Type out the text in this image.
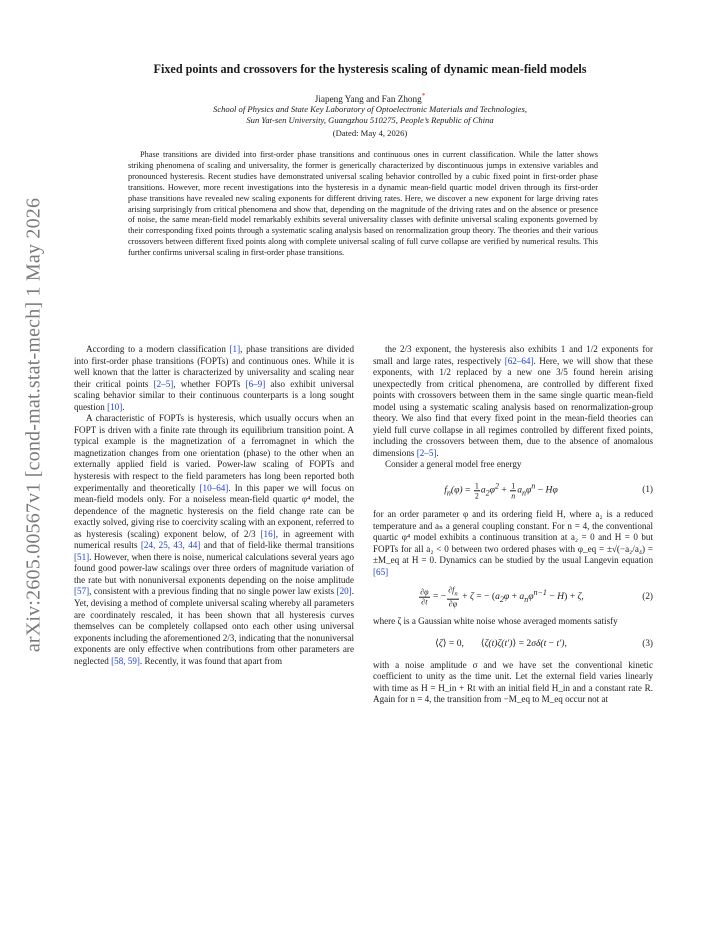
arXiv:2605.00567v1 [cond-mat.stat-mech] 1 May 2026
Fixed points and crossovers for the hysteresis scaling of dynamic mean-field models
Jiapeng Yang and Fan Zhong*
School of Physics and State Key Laboratory of Optoelectronic Materials and Technologies,
Sun Yat-sen University, Guangzhou 510275, People’s Republic of China
(Dated: May 4, 2026)
Phase transitions are divided into first-order phase transitions and continuous ones in current classification. While the latter shows striking phenomena of scaling and universality, the former is generically characterized by discontinuous jumps in extensive variables and pronounced hysteresis. Recent studies have demonstrated universal scaling behavior controlled by a cubic fixed point in first-order phase transitions. However, more recent investigations into the hysteresis in a dynamic mean-field quartic model driven through its first-order phase transitions have revealed new scaling exponents for different driving rates. Here, we discover a new exponent for large driving rates arising surprisingly from critical phenomena and show that, depending on the magnitude of the driving rates and on the absence or presence of noise, the same mean-field model remarkably exhibits several universality classes with definite universal scaling exponents governed by their corresponding fixed points through a systematic scaling analysis based on renormalization group theory. The theories and their various crossovers between different fixed points along with complete universal scaling of full curve collapse are verified by numerical results. This further confirms universal scaling in first-order phase transitions.

According to a modern classification [1], phase transitions are divided into first-order phase transitions (FOPTs) and continuous ones. While it is well known that the latter is characterized by universality and scaling near their critical points [2–5], whether FOPTs [6–9] also exhibit universal scaling behavior similar to their continuous counterparts is a long sought question [10].

A characteristic of FOPTs is hysteresis, which usually occurs when an FOPT is driven with a finite rate through its equilibrium transition point. A typical example is the magnetization of a ferromagnet in which the magnetization changes from one orientation (phase) to the other when an externally applied field is varied. Power-law scaling of FOPTs and hysteresis with respect to the field parameters has long been reported both experimentally and theoretically [10–64]. In this paper we will focus on mean-field models only. For a noiseless mean-field quartic φ⁴ model, the dependence of the magnetic hysteresis on the field change rate can be exactly solved, giving rise to coercivity scaling with an exponent, referred to as hysteresis (scaling) exponent below, of 2/3 [16], in agreement with numerical results [24, 25, 43, 44] and that of field-like thermal transitions [51]. However, when there is noise, numerical calculations several years ago found good power-law scalings over three orders of magnitude variation of the rate but with nonuniversal exponents depending on the noise amplitude [57], consistent with a previous finding that no single power law exists [20]. Yet, devising a method of complete universal scaling whereby all parameters are coordinately rescaled, it has been shown that all hysteresis curves themselves can be completely collapsed onto each other using universal exponents including the aforementioned 2/3, indicating that the nonuniversal exponents are only effective when contributions from other parameters are neglected [58, 59]. Recently, it was found that apart from

the 2/3 exponent, the hysteresis also exhibits 1 and 1/2 exponents for small and large rates, respectively [62–64]. Here, we will show that these exponents, with 1/2 replaced by a new one 3/5 found herein arising unexpectedly from critical phenomena, are controlled by different fixed points with crossovers between them in the same single quartic mean-field model using a systematic scaling analysis based on renormalization-group theory. We also find that every fixed point in the mean-field theories can yield full curve collapse in all regimes controlled by different fixed points, including the crossovers between them, due to the absence of anomalous dimensions [2–5].

Consider a general model free energy

$f_n(\varphi) = \frac{1}{2} a_2\varphi^2 + \frac{1}{n} a_n\varphi^n - H\varphi$	(1)

for an order parameter φ and its ordering field H, where a₂ is a reduced temperature and aₙ a general coupling constant. For n = 4, the conventional quartic φ⁴ model exhibits a continuous transition at a₂ = 0 and H = 0 but FOPTs for all a₂ < 0 between two ordered phases with φ_eq = ±√(−a₂/a₄) = ±M_eq at H = 0. Dynamics can be studied by the usual Langevin equation [65]

$\frac{\partial\varphi}{\partial t}$ = − $\frac{\partial f_n}{\partial\varphi} + \zeta$ = − $(a_2\varphi + a_n\varphi^{n-1} - H) + \zeta$,	(2)

where ζ is a Gaussian white noise whose averaged moments satisfy

⟨ζ⟩ = 0, ⟨ζ(t)ζ(t′)⟩ = 2σδ(t − t′),	(3)

with a noise amplitude σ and we have set the conventional kinetic coefficient to unity as the time unit. Let the external field varies linearly with time as H = H_in + Rt with an initial field H_in and a constant rate R. Again for n = 4, the transition from −M_eq to M_eq occur not at
